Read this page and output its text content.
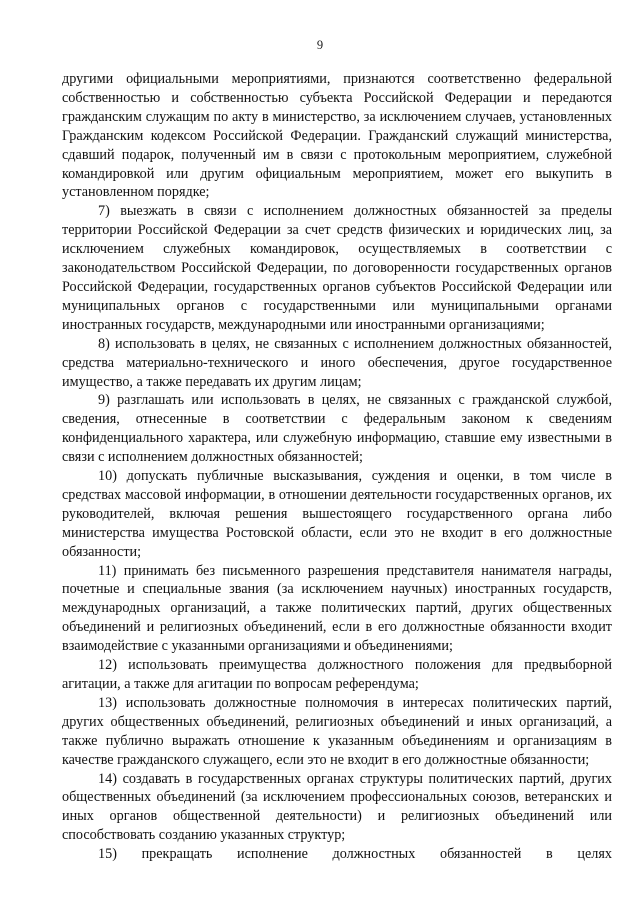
9

другими официальными мероприятиями, признаются соответственно федеральной собственностью и собственностью субъекта Российской Федерации и передаются гражданским служащим по акту в министерство, за исключением случаев, установленных Гражданским кодексом Российской Федерации. Гражданский служащий министерства, сдавший подарок, полученный им в связи с протокольным мероприятием, служебной командировкой или другим официальным мероприятием, может его выкупить в установленном порядке;

7) выезжать в связи с исполнением должностных обязанностей за пределы территории Российской Федерации за счет средств физических и юридических лиц, за исключением служебных командировок, осуществляемых в соответствии с законодательством Российской Федерации, по договоренности государственных органов Российской Федерации, государственных органов субъектов Российской Федерации или муниципальных органов с государственными или муниципальными органами иностранных государств, международными или иностранными организациями;

8) использовать в целях, не связанных с исполнением должностных обязанностей, средства материально-технического и иного обеспечения, другое государственное имущество, а также передавать их другим лицам;

9) разглашать или использовать в целях, не связанных с гражданской службой, сведения, отнесенные в соответствии с федеральным законом к сведениям конфиденциального характера, или служебную информацию, ставшие ему известными в связи с исполнением должностных обязанностей;

10) допускать публичные высказывания, суждения и оценки, в том числе в средствах массовой информации, в отношении деятельности государственных органов, их руководителей, включая решения вышестоящего государственного органа либо министерства имущества Ростовской области, если это не входит в его должностные обязанности;

11) принимать без письменного разрешения представителя нанимателя награды, почетные и специальные звания (за исключением научных) иностранных государств, международных организаций, а также политических партий, других общественных объединений и религиозных объединений, если в его должностные обязанности входит взаимодействие с указанными организациями и объединениями;

12) использовать преимущества должностного положения для предвыборной агитации, а также для агитации по вопросам референдума;

13) использовать должностные полномочия в интересах политических партий, других общественных объединений, религиозных объединений и иных организаций, а также публично выражать отношение к указанным объединениям и организациям в качестве гражданского служащего, если это не входит в его должностные обязанности;

14) создавать в государственных органах структуры политических партий, других общественных объединений (за исключением профессиональных союзов, ветеранских и иных органов общественной деятельности) и религиозных объединений или способствовать созданию указанных структур;

15) прекращать исполнение должностных обязанностей в целях
